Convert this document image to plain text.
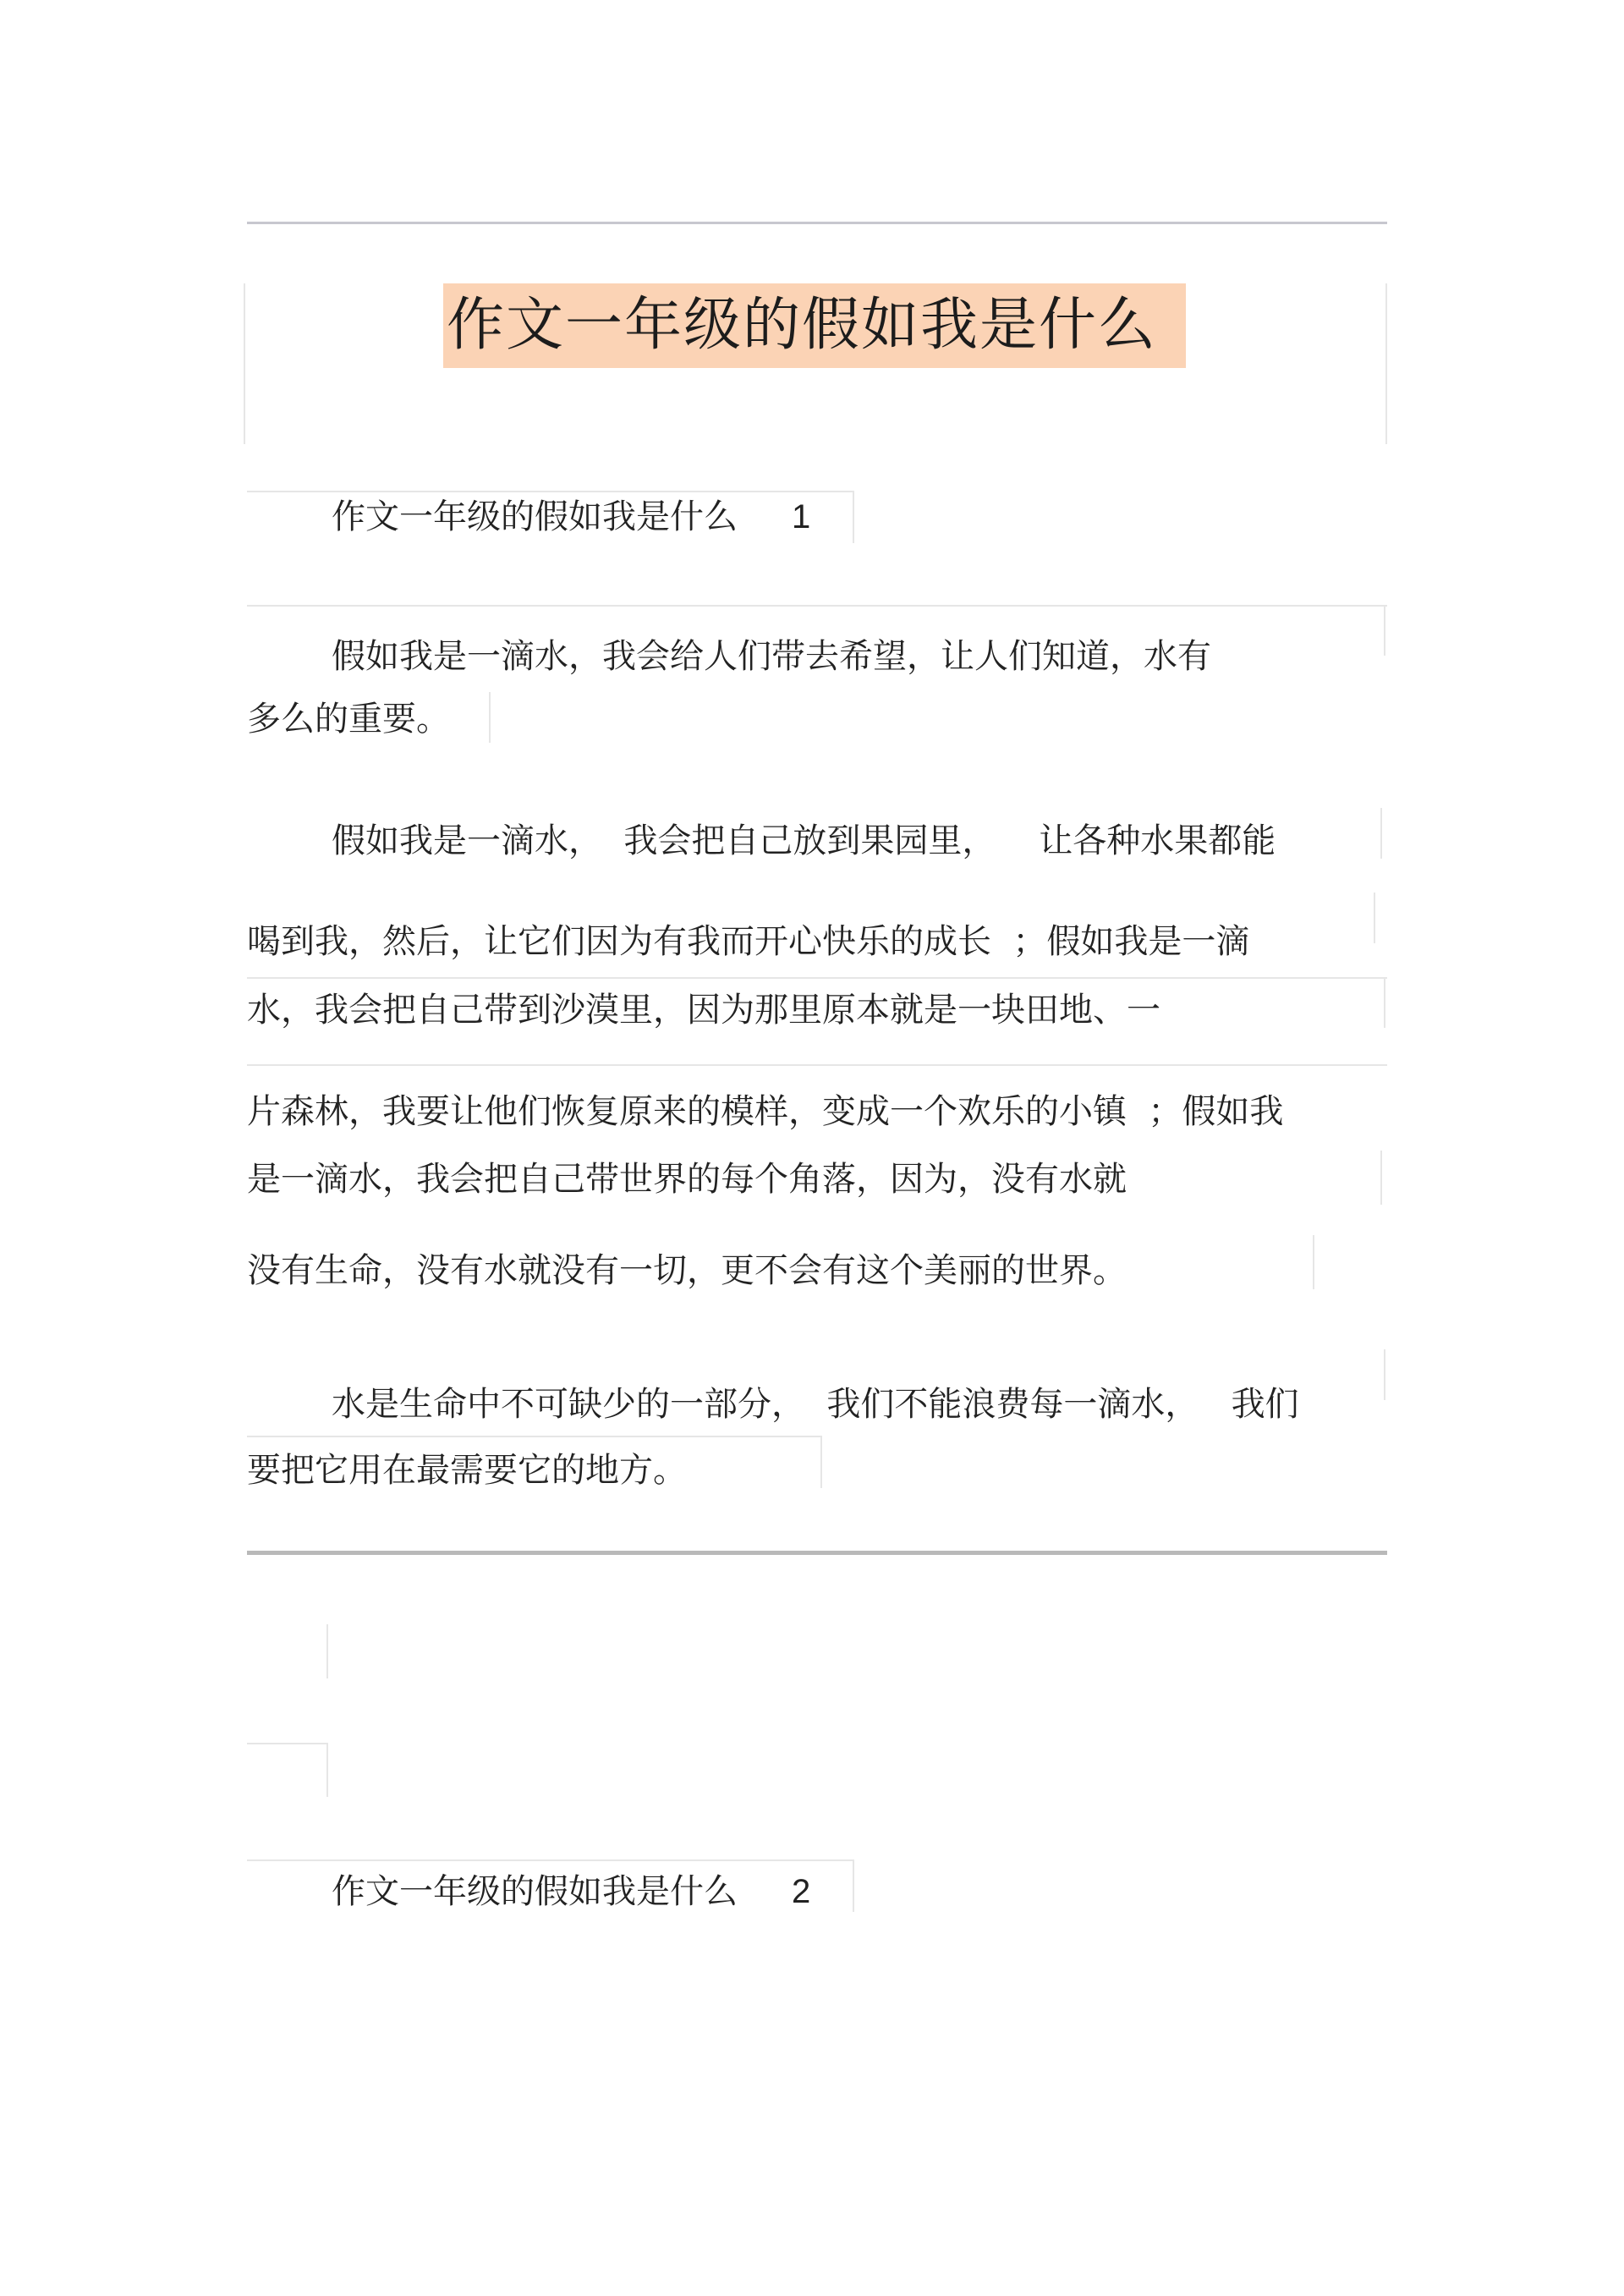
作文一年级的假如我是什么
作文一年级的假如我是什么 1
假如我是一滴水，我会给人们带去希望，让人们知道，水有
多么的重要。
假如我是一滴水，  我会把自己放到果园里，    让各种水果都能
喝到我，然后，让它们因为有我而开心快乐的成长  ；假如我是一滴
水，我会把自己带到沙漠里，因为那里原本就是一块田地、一
片森林，我要让他们恢复原来的模样，变成一个欢乐的小镇  ；假如我
是一滴水，我会把自己带世界的每个角落，因为，没有水就
没有生命，没有水就没有一切，更不会有这个美丽的世界。
水是生命中不可缺少的一部分，  我们不能浪费每一滴水，   我们
要把它用在最需要它的地方。
作文一年级的假如我是什么 2
